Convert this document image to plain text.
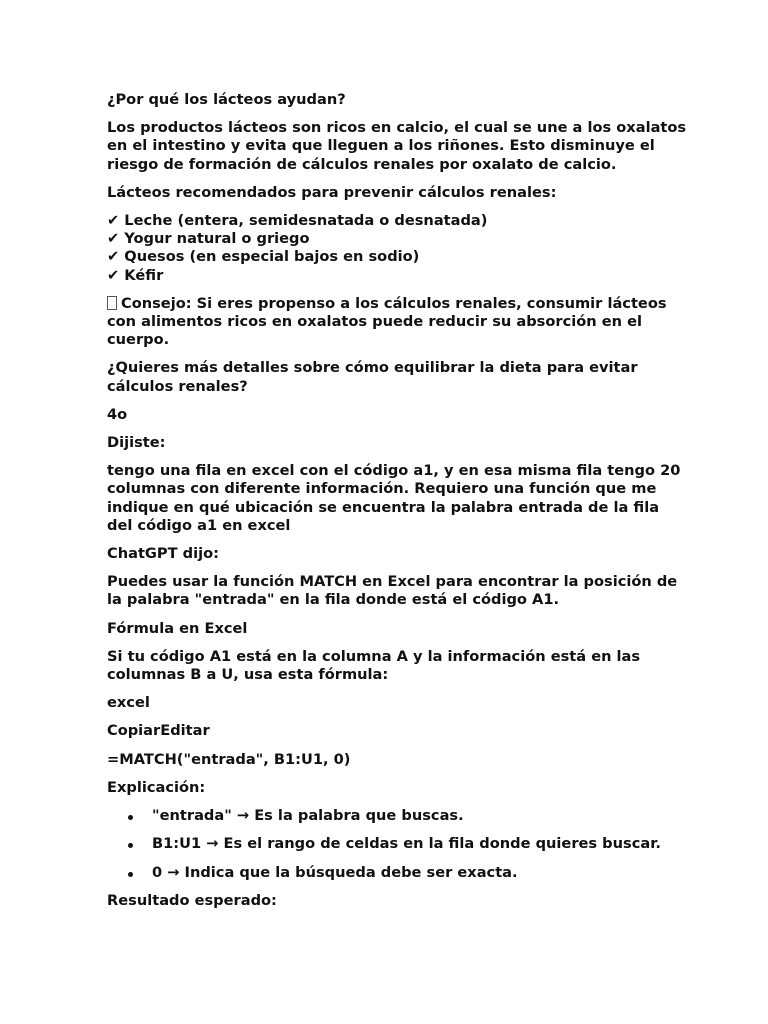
¿Por qué los lácteos ayudan?

Los productos lácteos son ricos en calcio, el cual se une a los oxalatos en el intestino y evita que lleguen a los riñones. Esto disminuye el riesgo de formación de cálculos renales por oxalato de calcio.

Lácteos recomendados para prevenir cálculos renales:

✔ Leche (entera, semidesnatada o desnatada)
✔ Yogur natural o griego
✔ Quesos (en especial bajos en sodio)
✔ Kéfir

Consejo: Si eres propenso a los cálculos renales, consumir lácteos con alimentos ricos en oxalatos puede reducir su absorción en el cuerpo.

¿Quieres más detalles sobre cómo equilibrar la dieta para evitar cálculos renales?

4o

Dijiste:

tengo una fila en excel con el código a1, y en esa misma fila tengo 20 columnas con diferente información. Requiero una función que me indique en qué ubicación se encuentra la palabra entrada de la fila del código a1 en excel

ChatGPT dijo:

Puedes usar la función MATCH en Excel para encontrar la posición de la palabra "entrada" en la fila donde está el código A1.

Fórmula en Excel

Si tu código A1 está en la columna A y la información está en las columnas B a U, usa esta fórmula:

excel

CopiarEditar

=MATCH("entrada", B1:U1, 0)

Explicación:

"entrada" → Es la palabra que buscas.
B1:U1 → Es el rango de celdas en la fila donde quieres buscar.
0 → Indica que la búsqueda debe ser exacta.

Resultado esperado:
